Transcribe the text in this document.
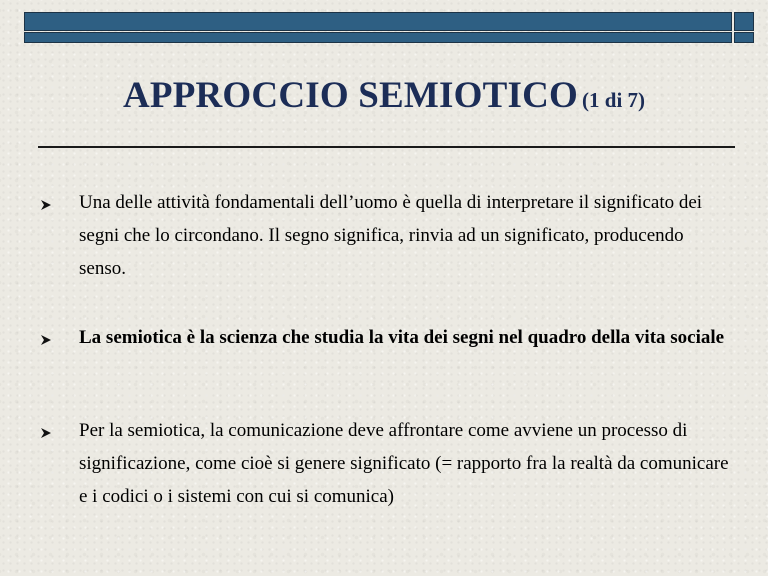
APPROCCIO SEMIOTICO (1 di 7)
Una delle attività fondamentali dell’uomo è quella di interpretare il significato dei segni che lo circondano. Il segno significa, rinvia ad un significato, producendo senso.
La semiotica è la scienza che studia la vita dei segni nel quadro della vita sociale
Per la semiotica, la comunicazione deve affrontare come avviene un processo di significazione, come cioè si genere significato (= rapporto fra la realtà da comunicare e i codici o i sistemi con cui si comunica)
